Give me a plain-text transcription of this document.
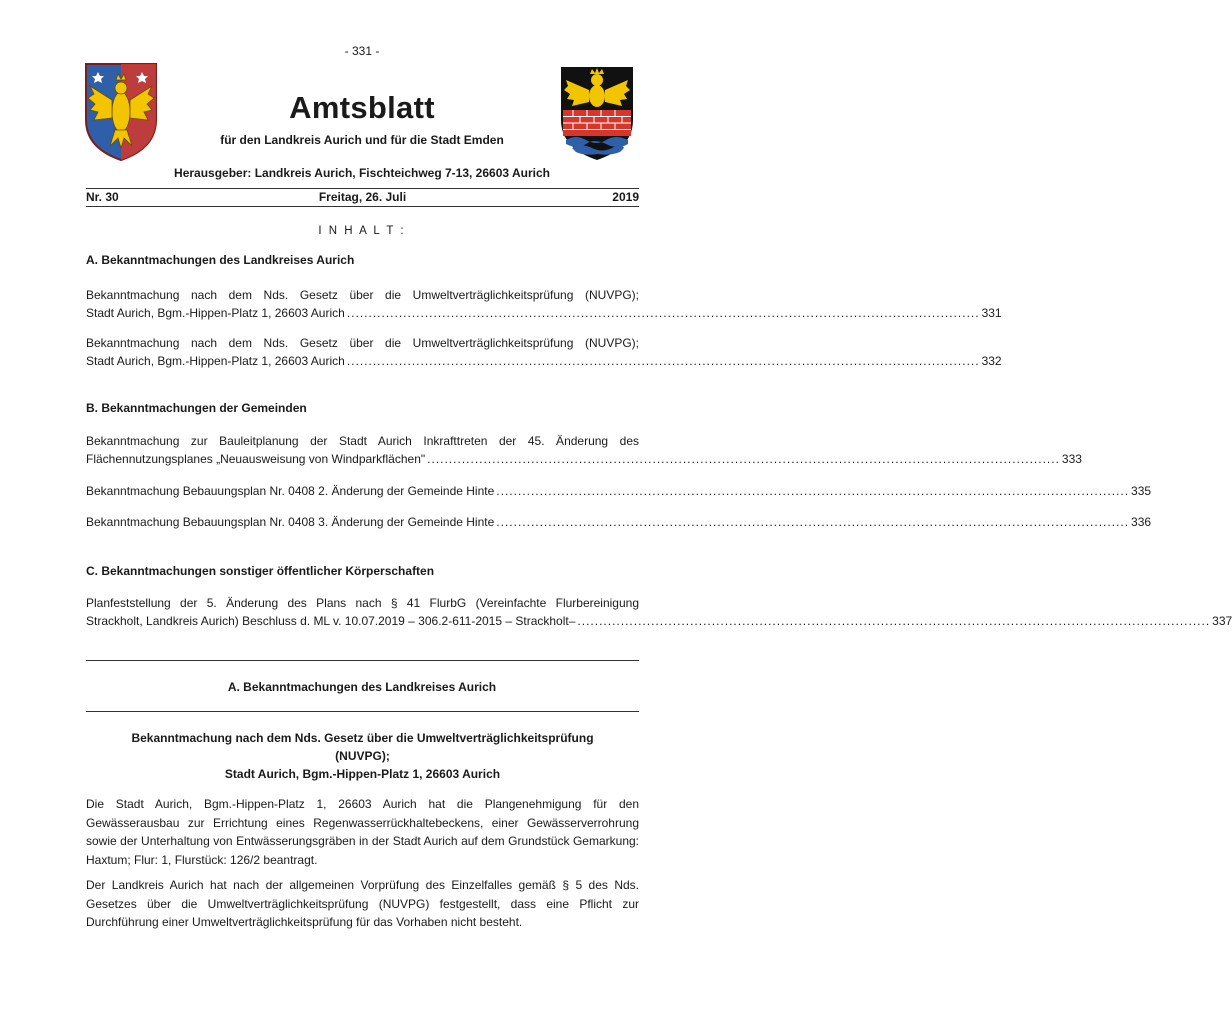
- 331 -
Amtsblatt
für den Landkreis Aurich und für die Stadt Emden
Herausgeber: Landkreis Aurich, Fischteichweg 7-13, 26603 Aurich
Nr. 30	Freitag, 26. Juli	2019
I N H A L T :
A. Bekanntmachungen des Landkreises Aurich
Bekanntmachung nach dem Nds. Gesetz über die Umweltverträglichkeitsprüfung (NUVPG);
Stadt Aurich, Bgm.-Hippen-Platz 1, 26603 Aurich .................................................................................................................................................. 331
Bekanntmachung nach dem Nds. Gesetz über die Umweltverträglichkeitsprüfung (NUVPG);
Stadt Aurich, Bgm.-Hippen-Platz 1, 26603 Aurich .................................................................................................................................................. 332
B. Bekanntmachungen der Gemeinden
Bekanntmachung zur Bauleitplanung der Stadt Aurich Inkrafttreten der 45. Änderung des
Flächennutzungsplanes „Neuausweisung von Windparkflächen" .................................................................................................................................................. 333
Bekanntmachung Bebauungsplan Nr. 0408 2. Änderung der Gemeinde Hinte .................................................................................................................................................. 335
Bekanntmachung Bebauungsplan Nr. 0408 3. Änderung der Gemeinde Hinte .................................................................................................................................................. 336
C. Bekanntmachungen sonstiger öffentlicher Körperschaften
Planfeststellung der 5. Änderung des Plans nach § 41 FlurbG (Vereinfachte Flurbereinigung
Strackholt, Landkreis Aurich) Beschluss d. ML v. 10.07.2019 – 306.2-611-2015 – Strackholt– .................................................................................................................................................. 337
A. Bekanntmachungen des Landkreises Aurich
Bekanntmachung nach dem Nds. Gesetz über die Umweltverträglichkeitsprüfung
(NUVPG);
Stadt Aurich, Bgm.-Hippen-Platz 1, 26603 Aurich
Die Stadt Aurich, Bgm.-Hippen-Platz 1, 26603 Aurich hat die Plangenehmigung für den Gewässerausbau zur Errichtung eines Regenwasserrückhaltebeckens, einer Gewässerverrohrung sowie der Unterhaltung von Entwässerungsgräben in der Stadt Aurich auf dem Grundstück Gemarkung: Haxtum; Flur: 1, Flurstück: 126/2 beantragt.
Der Landkreis Aurich hat nach der allgemeinen Vorprüfung des Einzelfalles gemäß § 5 des Nds. Gesetzes über die Umweltverträglichkeitsprüfung (NUVPG) festgestellt, dass eine Pflicht zur Durchführung einer Umweltverträglichkeitsprüfung für das Vorhaben nicht besteht.
